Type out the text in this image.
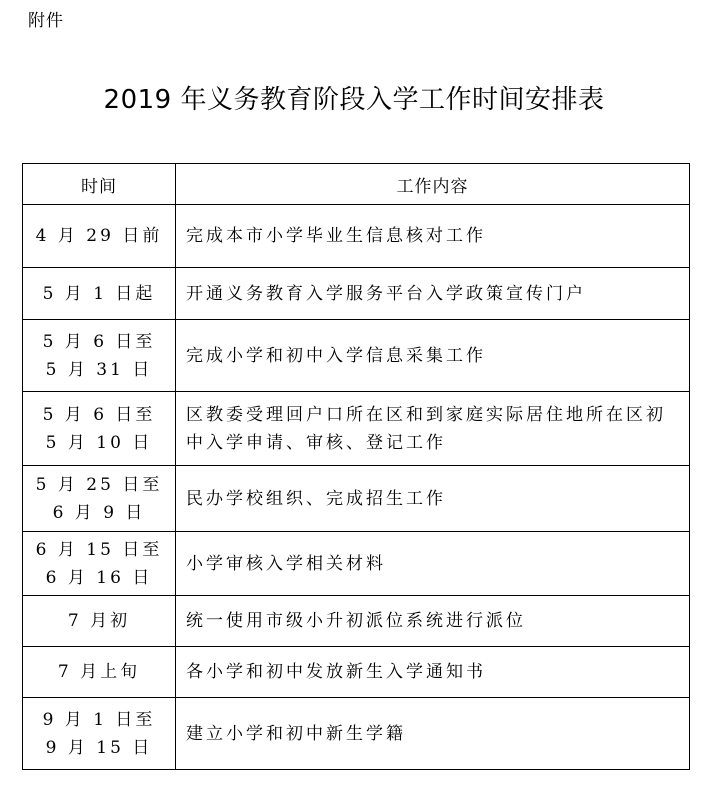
附件
2019 年义务教育阶段入学工作时间安排表
时间	工作内容

4 月 29 日前	完成本市小学毕业生信息核对工作

5 月 1 日起	开通义务教育入学服务平台入学政策宣传门户

5 月 6 日至
5 月 31 日	完成小学和初中入学信息采集工作

5 月 6 日至
5 月 10 日	区教委受理回户口所在区和到家庭实际居住地所在区初中入学申请、审核、登记工作

5 月 25 日至
6 月 9 日	民办学校组织、完成招生工作

6 月 15 日至
6 月 16 日	小学审核入学相关材料

7 月初	统一使用市级小升初派位系统进行派位

7 月上旬	各小学和初中发放新生入学通知书

9 月 1 日至
9 月 15 日	建立小学和初中新生学籍
